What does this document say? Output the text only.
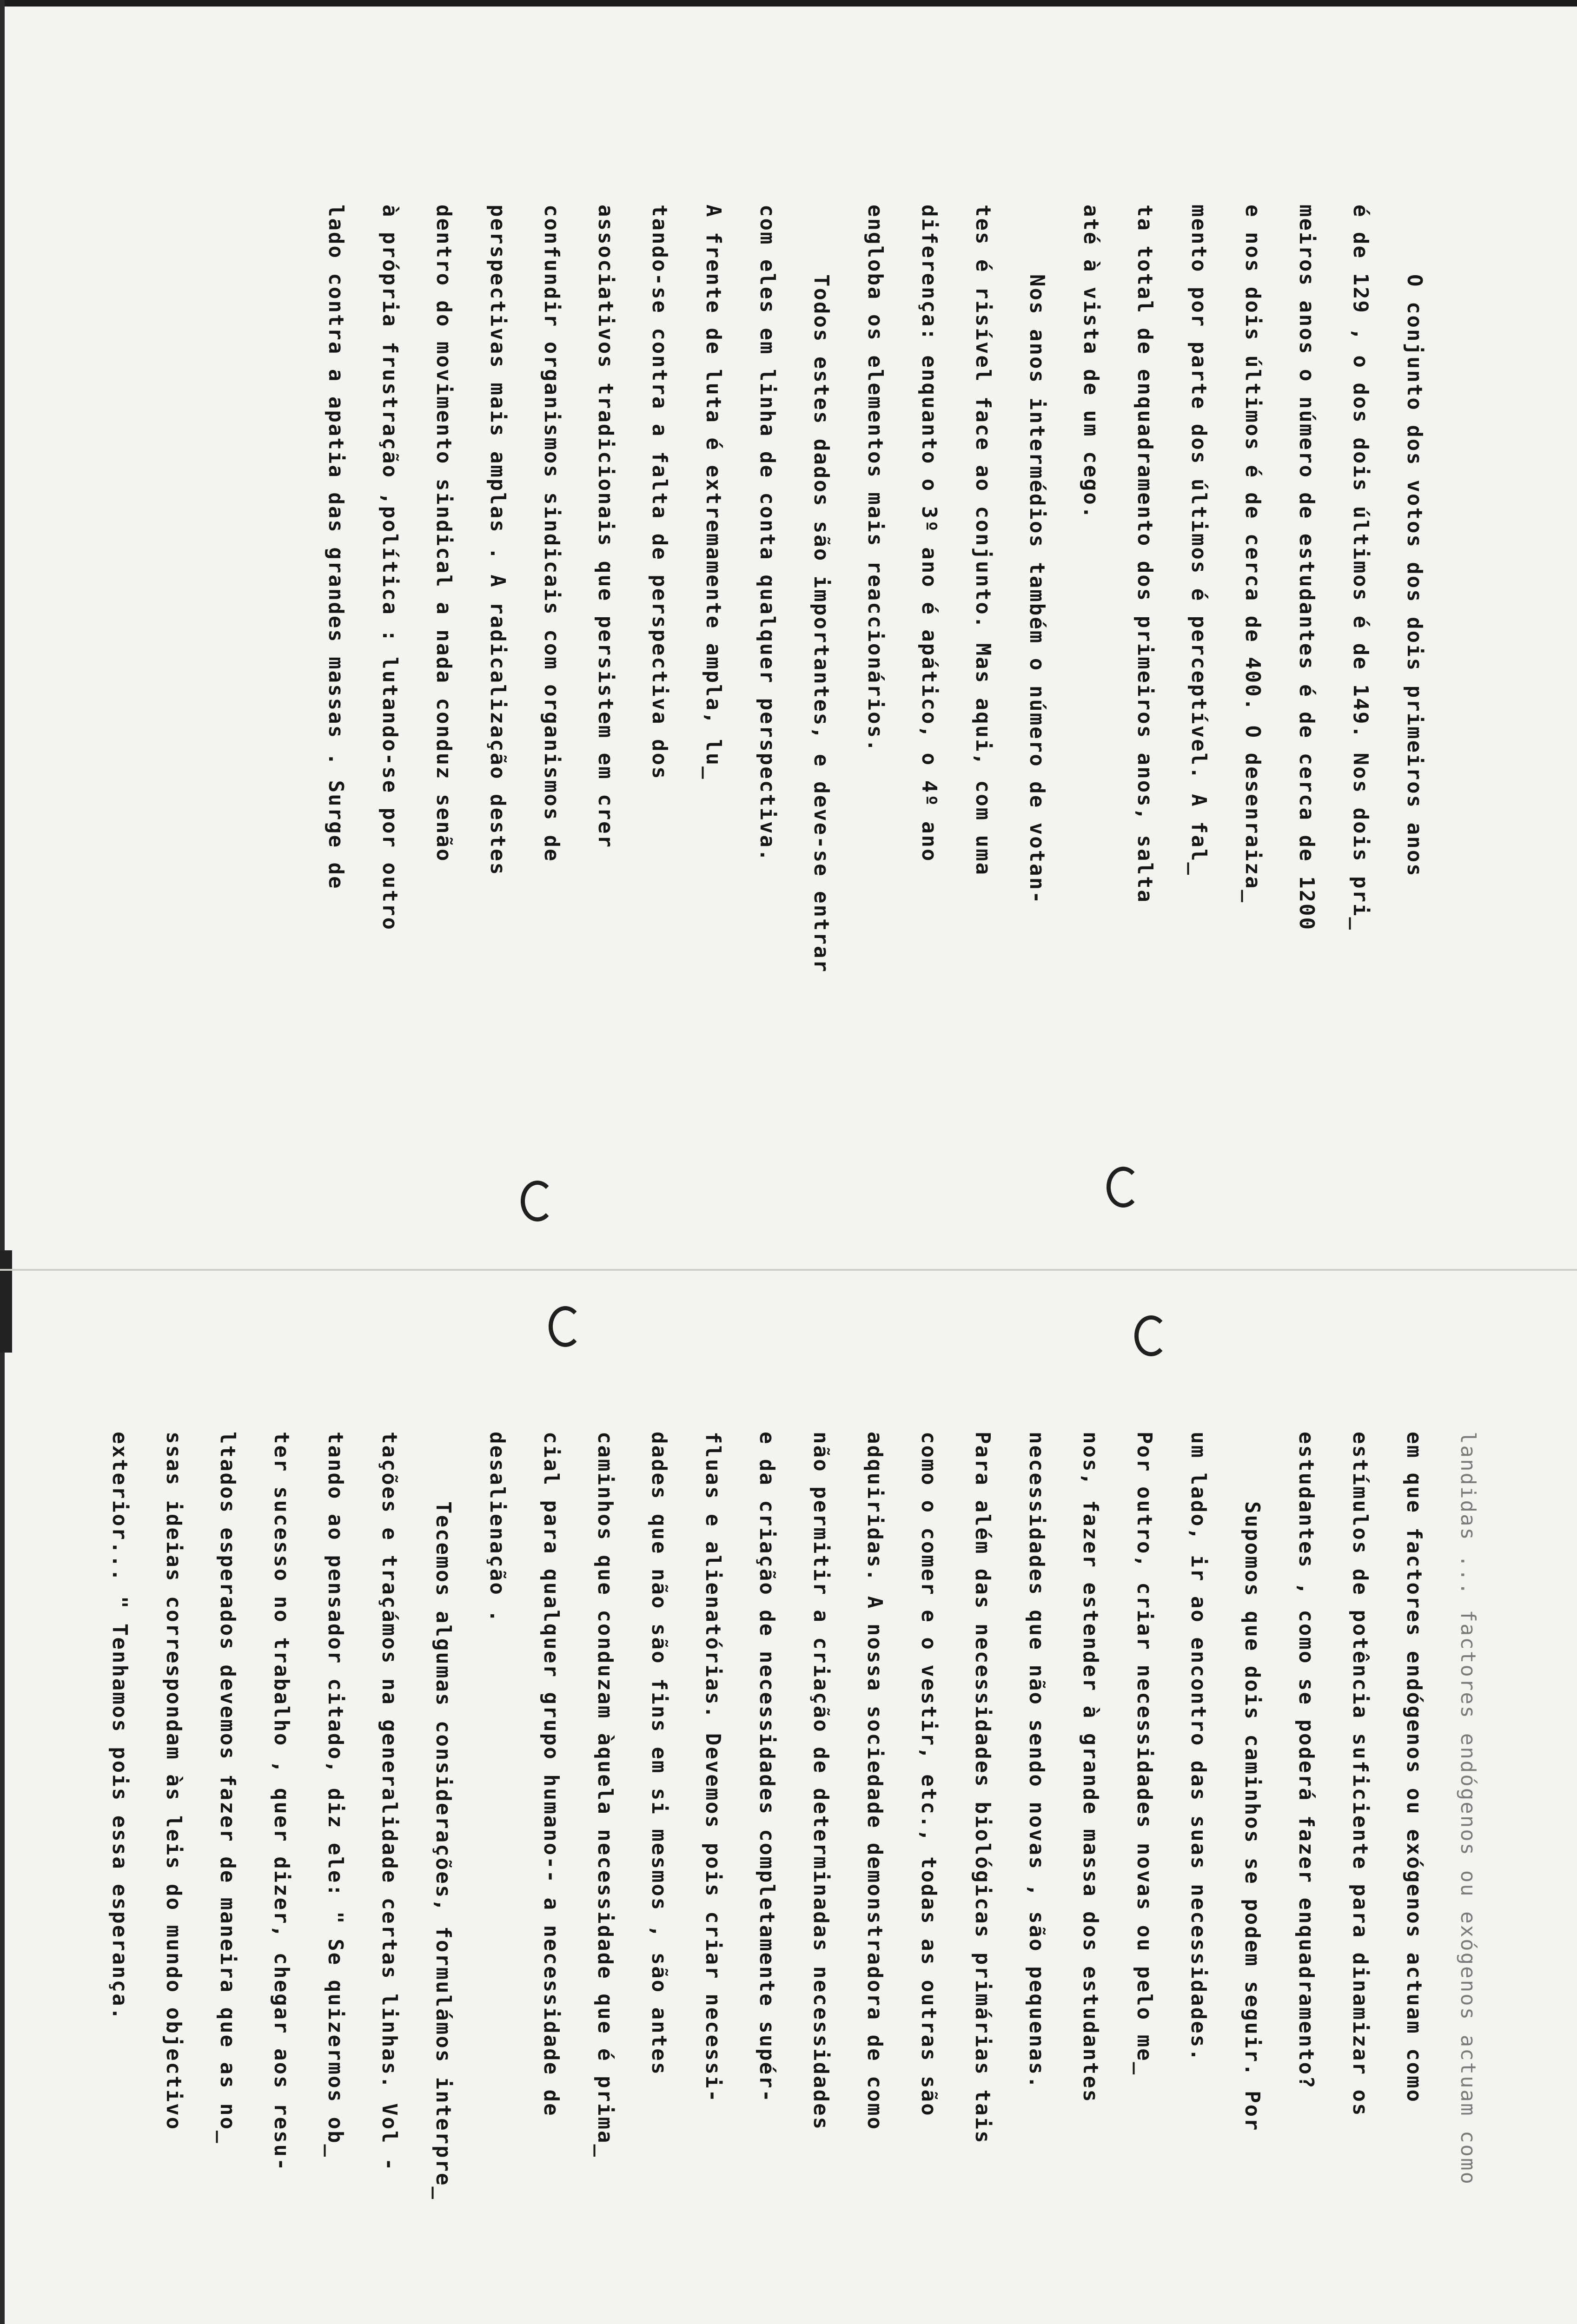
O conjunto dos votos dos dois primeiros anos
é de 129 , o dos dois últimos é de 149. Nos dois pri_
meiros anos o número de estudantes é de cerca de 1200
e nos dois últimos é de cerca de 400. O desenraiza_
mento por parte dos últimos é perceptível. A fal_
ta total de enquadramento dos primeiros anos, salta
até à vista de um cego.
Nos anos intermédios também o número de votan-
tes é risível face ao conjunto. Mas aqui, com uma
diferença: enquanto o 3º ano é apático, o 4º ano
engloba os elementos mais reaccionários.
Todos estes dados são importantes, e deve-se entrar
com eles em linha de conta qualquer perspectiva.
A frente de luta é extremamente ampla, lu_
tando-se contra a falta de perspectiva dos
associativos tradicionais que persistem em crer
confundir organismos sindicais com organismos de
perspectivas mais amplas . A radicalização destes
dentro do movimento sindical a nada conduz senão
à própria frustração ,política : lutando-se por outro
lado contra a apatia das grandes massas . Surge de
landidas ... factores endógenos ou exógenos actuam como
em que factores endógenos ou exógenos actuam como
estímulos de potência suficiente para dinamizar os
estudantes , como se poderá fazer enquadramento?
Supomos que dois caminhos se podem seguir. Por
um lado, ir ao encontro das suas necessidades.
Por outro, criar necessidades novas ou pelo me_
nos, fazer estender à grande massa dos estudantes
necessidades que não sendo novas , são pequenas.
Para além das necessidades biológicas primárias tais
como o comer e o vestir, etc., todas as outras são
adquiridas. A nossa sociedade demonstradora de como
não permitir a criação de determinadas necessidades
e da criação de necessidades completamente supér-
fluas e alienatórias. Devemos pois criar necessi-
dades que não são fins em si mesmos , são antes
caminhos que conduzam àquela necessidade que é prima_
cial para qualquer grupo humano-- a necessidade de
desalienação .
Tecemos algumas considerações, formulámos interpre_
tações e traçámos na generalidade certas linhas. Vol -
tando ao pensador citado, diz ele: " Se quizermos ob_
ter sucesso no trabalho , quer dizer, chegar aos resu-
ltados esperados devemos fazer de maneira que as no_
ssas ideias correspondam às leis do mundo objectivo
exterior... " Tenhamos pois essa esperança.
